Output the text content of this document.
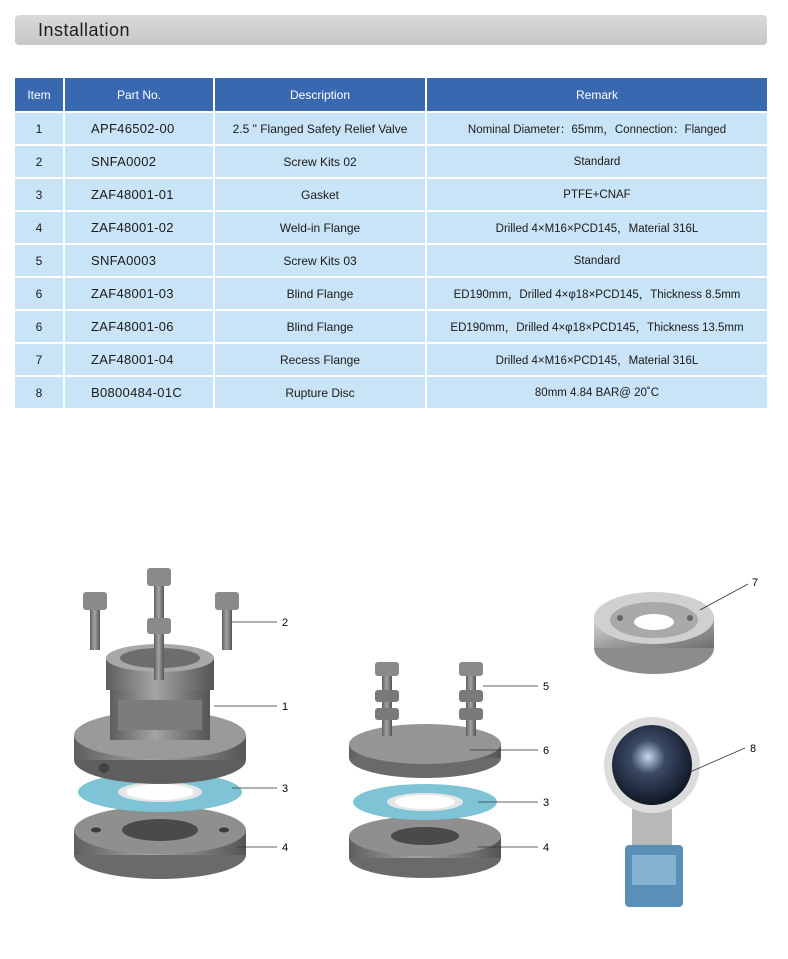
Installation
Item	Part No.	Description	Remark
1	APF46502-00	2.5 " Flanged Safety Relief Valve	Nominal Diameter：65mm，Connection：Flanged
2	SNFA0002	Screw Kits 02	Standard
3	ZAF48001-01	Gasket	PTFE+CNAF
4	ZAF48001-02	Weld-in Flange	Drilled 4×M16×PCD145，Material 316L
5	SNFA0003	Screw Kits 03	Standard
6	ZAF48001-03	Blind Flange	ED190mm，Drilled 4×φ18×PCD145，Thickness 8.5mm
6	ZAF48001-06	Blind Flange	ED190mm，Drilled 4×φ18×PCD145，Thickness 13.5mm
7	ZAF48001-04	Recess Flange	Drilled 4×M16×PCD145，Material 316L
8	B0800484-01C	Rupture Disc	80mm 4.84 BAR@ 20˚C
2
1
3
4
5
6
3
4
7
8
